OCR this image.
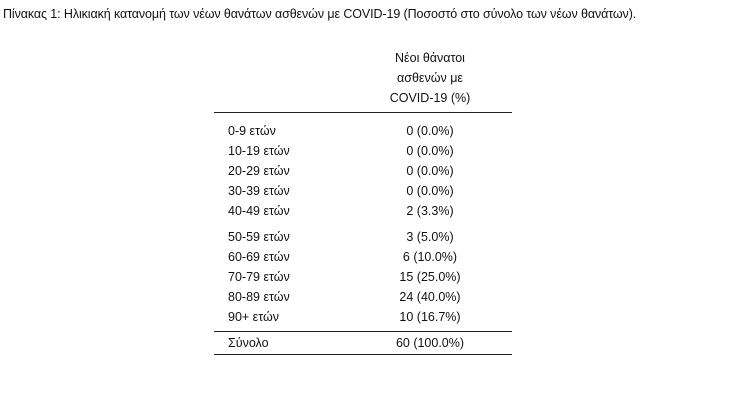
Πίνακας 1: Ηλικιακή κατανομή των νέων θανάτων ασθενών με COVID-19 (Ποσοστό στο σύνολο των νέων θανάτων).
Νέοι θάνατοι
ασθενών με
COVID-19 (%)
0-9 ετών	0 (0.0%)
10-19 ετών	0 (0.0%)
20-29 ετών	0 (0.0%)
30-39 ετών	0 (0.0%)
40-49 ετών	2 (3.3%)
50-59 ετών	3 (5.0%)
60-69 ετών	6 (10.0%)
70-79 ετών	15 (25.0%)
80-89 ετών	24 (40.0%)
90+ ετών	10 (16.7%)
Σύνολο	60 (100.0%)
